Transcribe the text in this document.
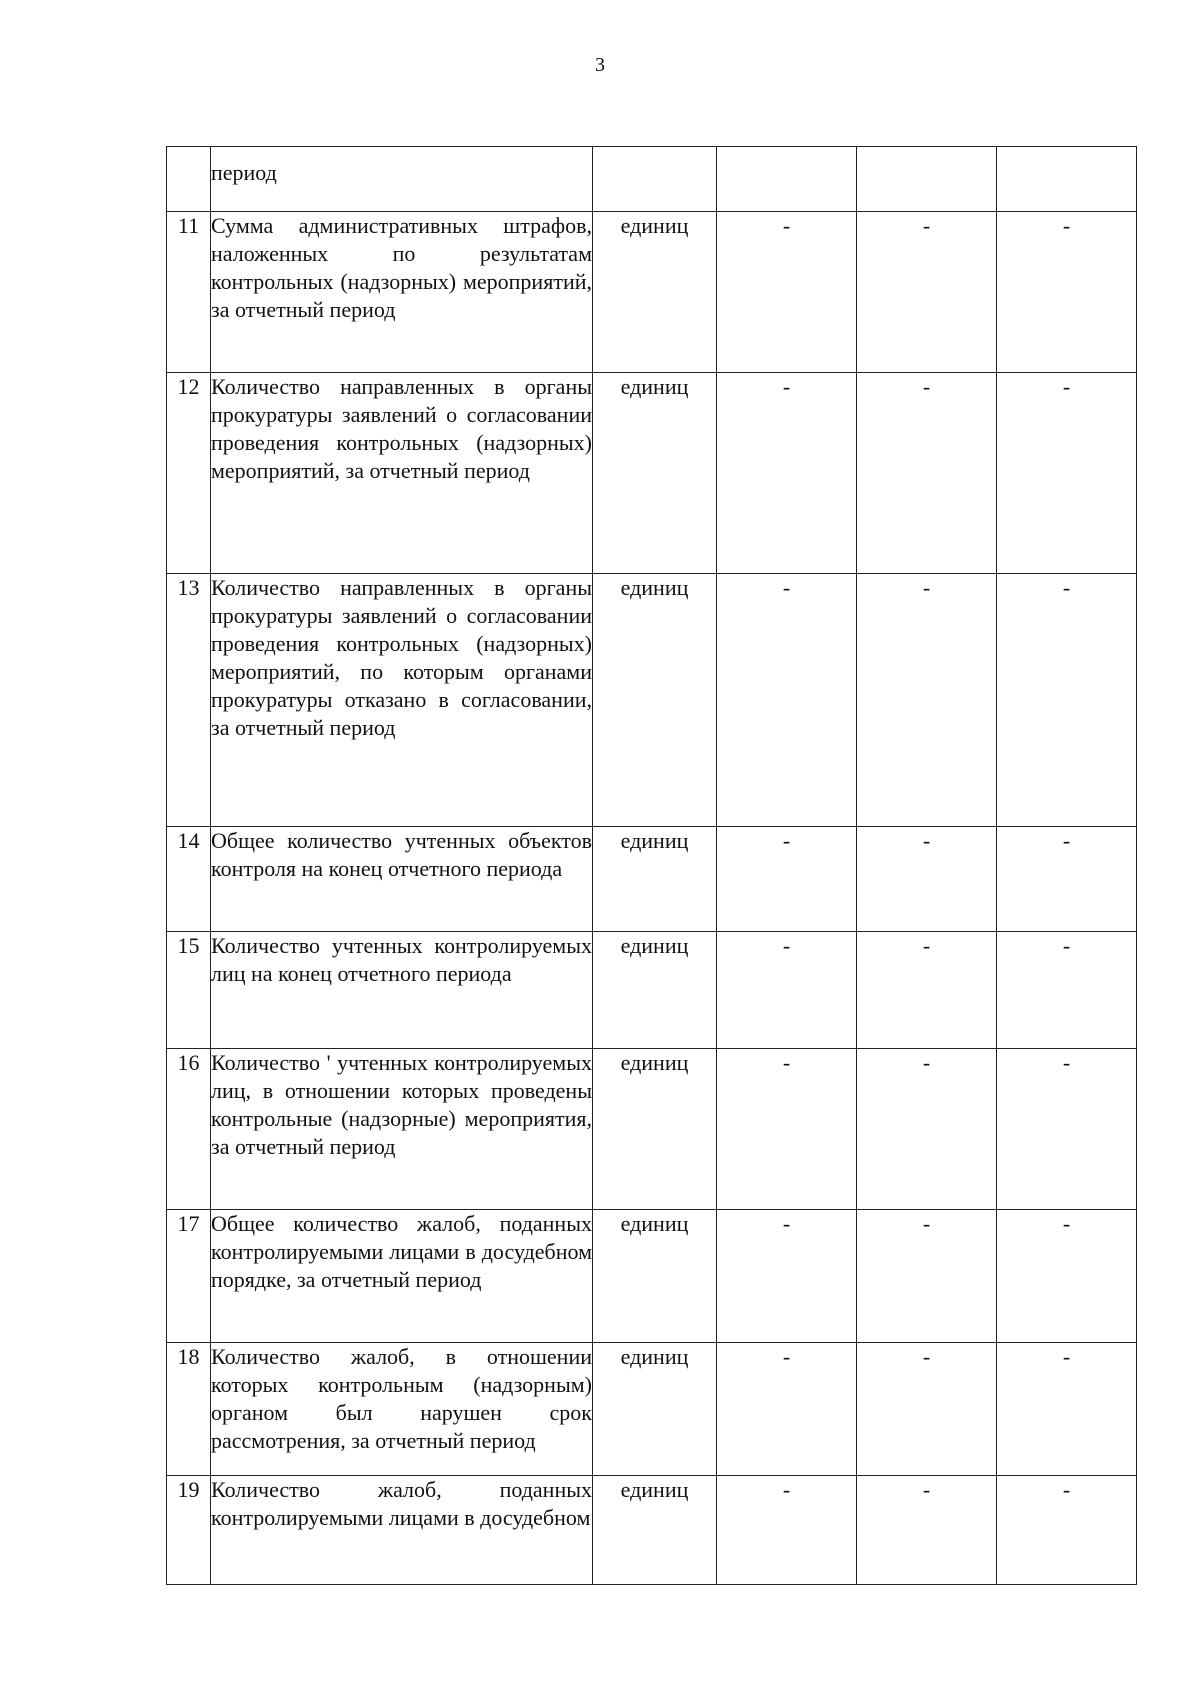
3
	период				
11	Сумма административных штрафов, наложенных по результатам контрольных (надзорных) мероприятий, за отчетный период	единиц	-	-	-
12	Количество направленных в органы прокуратуры заявлений о согласовании проведения контрольных (надзорных) мероприятий, за отчетный период	единиц	-	-	-
13	Количество направленных в органы прокуратуры заявлений о согласовании проведения контрольных (надзорных) мероприятий, по которым органами прокуратуры отказано в согласовании, за отчетный период	единиц	-	-	-
14	Общее количество учтенных объектов контроля на конец отчетного периода	единиц	-	-	-
15	Количество учтенных контролируемых лиц на конец отчетного периода	единиц	-	-	-
16	Количество ' учтенных контролируемых лиц, в отношении которых проведены контрольные (надзорные) мероприятия, за отчетный период	единиц	-	-	-
17	Общее количество жалоб, поданных контролируемыми лицами в досудебном порядке, за отчетный период	единиц	-	-	-
18	Количество жалоб, в отношении которых контрольным (надзорным) органом был нарушен срок рассмотрения, за отчетный период	единиц	-	-	-
19	Количество жалоб, поданных контролируемыми лицами в досудебном	единиц	-	-	-
